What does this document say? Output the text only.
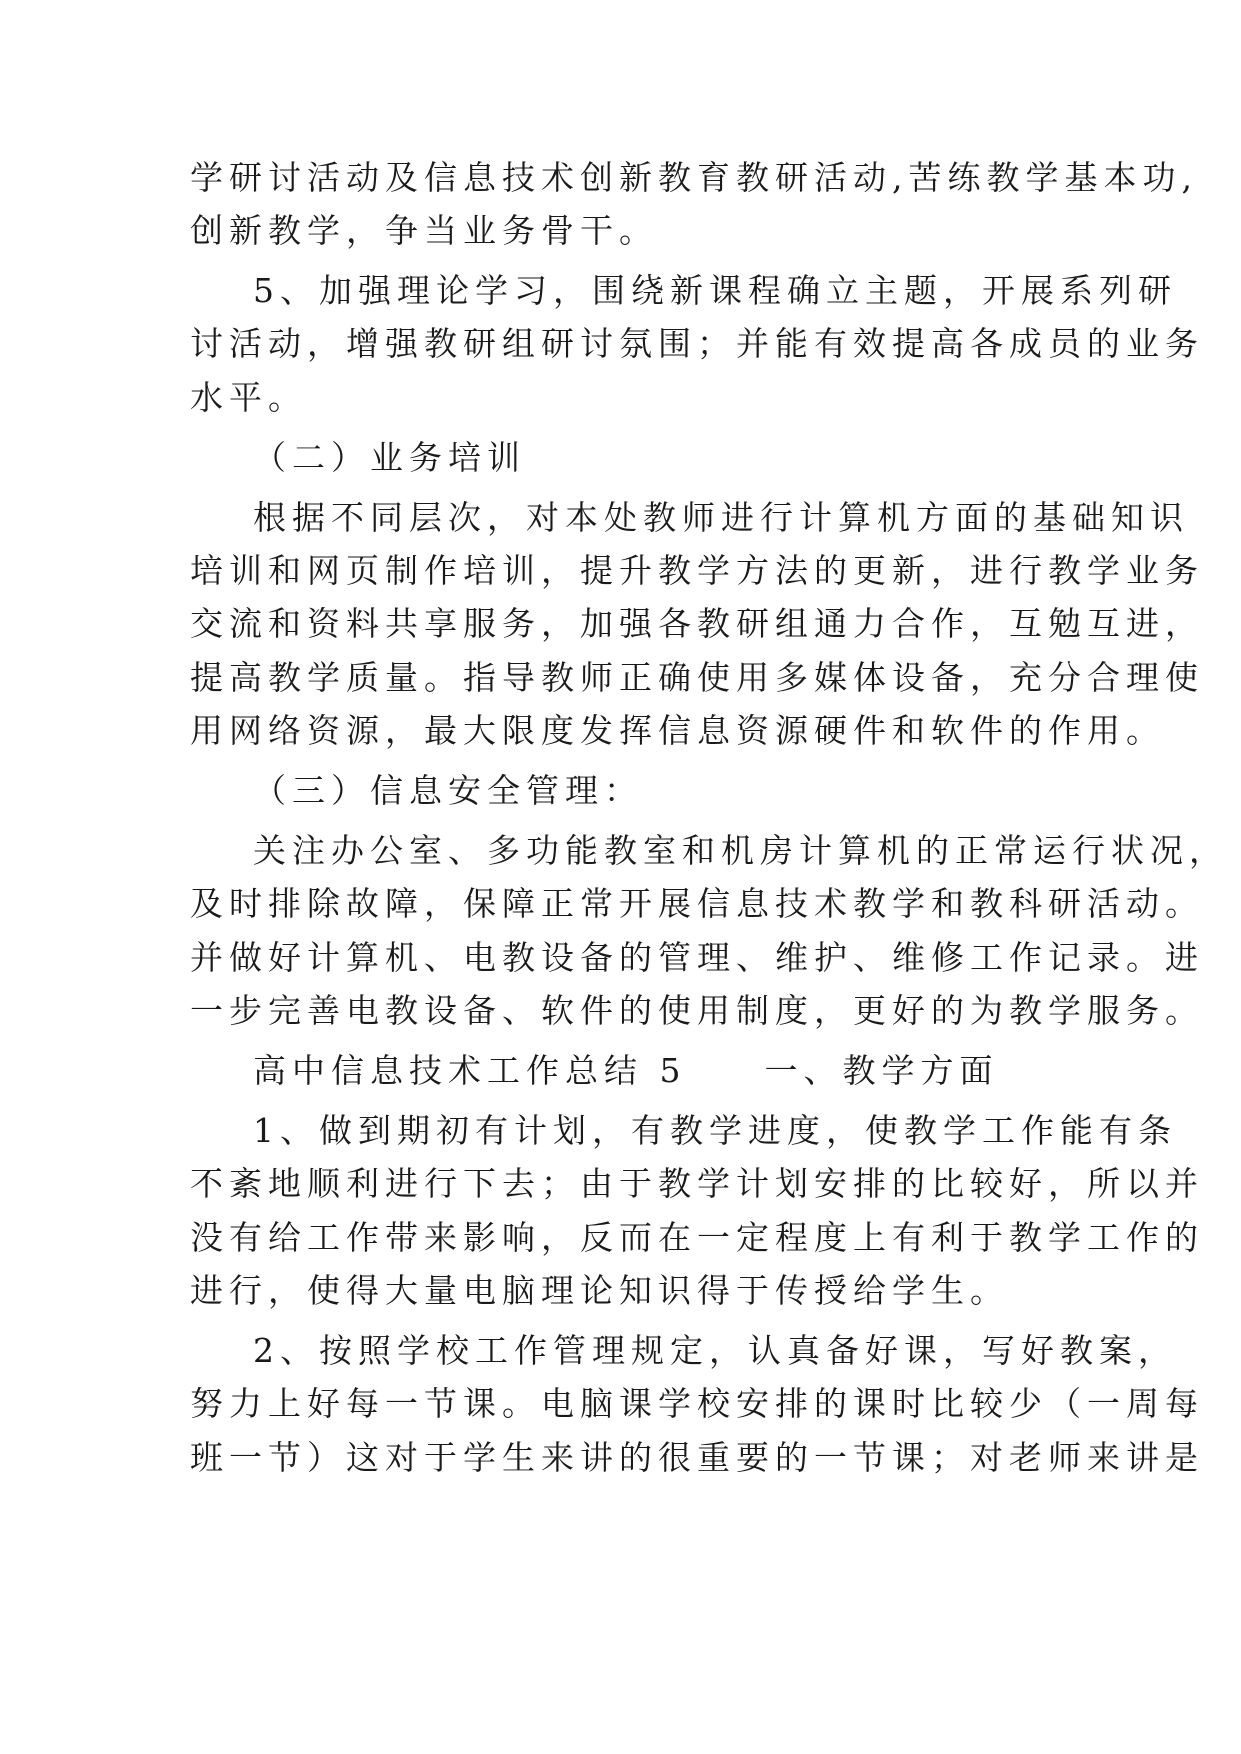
学研讨活动及信息技术创新教育教研活动,苦练教学基本功,
创新教学，争当业务骨干。
5、加强理论学习，围绕新课程确立主题，开展系列研
讨活动，增强教研组研讨氛围；并能有效提高各成员的业务
水平。
（二）业务培训
根据不同层次，对本处教师进行计算机方面的基础知识
培训和网页制作培训，提升教学方法的更新，进行教学业务
交流和资料共享服务，加强各教研组通力合作，互勉互进，
提高教学质量。指导教师正确使用多媒体设备，充分合理使
用网络资源，最大限度发挥信息资源硬件和软件的作用。
（三）信息安全管理：
关注办公室、多功能教室和机房计算机的正常运行状况，
及时排除故障，保障正常开展信息技术教学和教科研活动。
并做好计算机、电教设备的管理、维护、维修工作记录。进
一步完善电教设备、软件的使用制度，更好的为教学服务。
高中信息技术工作总结 5　　一、教学方面
1、做到期初有计划，有教学进度，使教学工作能有条
不紊地顺利进行下去；由于教学计划安排的比较好，所以并
没有给工作带来影响，反而在一定程度上有利于教学工作的
进行，使得大量电脑理论知识得于传授给学生。
2、按照学校工作管理规定，认真备好课，写好教案，
努力上好每一节课。电脑课学校安排的课时比较少（一周每
班一节）这对于学生来讲的很重要的一节课；对老师来讲是
